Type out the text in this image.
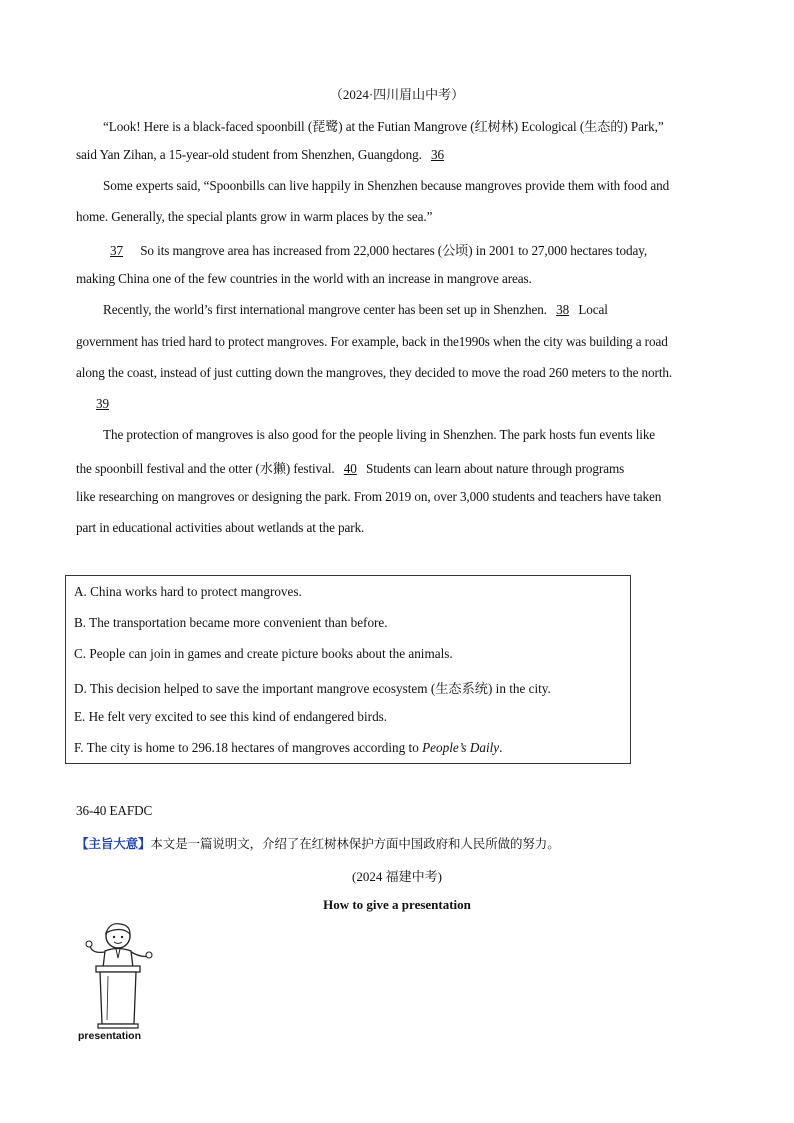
（2024·四川眉山中考）
“Look! Here is a black-faced spoonbill (琵鹭) at the Futian Mangrove (红树林) Ecological (生态的) Park,”
said Yan Zihan, a 15-year-old student from Shenzhen, Guangdong. 36
Some experts said, “Spoonbills can live happily in Shenzhen because mangroves provide them with food and
home. Generally, the special plants grow in warm places by the sea.”
37 So its mangrove area has increased from 22,000 hectares (公顷) in 2001 to 27,000 hectares today,
making China one of the few countries in the world with an increase in mangrove areas.
Recently, the world’s first international mangrove center has been set up in Shenzhen. 38 Local
government has tried hard to protect mangroves. For example, back in the1990s when the city was building a road
along the coast, instead of just cutting down the mangroves, they decided to move the road 260 meters to the north.
39
The protection of mangroves is also good for the people living in Shenzhen. The park hosts fun events like
the spoonbill festival and the otter (水獭) festival. 40 Students can learn about nature through programs
like researching on mangroves or designing the park. From 2019 on, over 3,000 students and teachers have taken
part in educational activities about wetlands at the park.
A. China works hard to protect mangroves.
B. The transportation became more convenient than before.
C. People can join in games and create picture books about the animals.
D. This decision helped to save the important mangrove ecosystem (生态系统) in the city.
E. He felt very excited to see this kind of endangered birds.
F. The city is home to 296.18 hectares of mangroves according to People’s Daily.
36-40 EAFDC
【主旨大意】本文是一篇说明文，介绍了在红树林保护方面中国政府和人民所做的努力。
(2024 福建中考)
How to give a presentation
presentation
